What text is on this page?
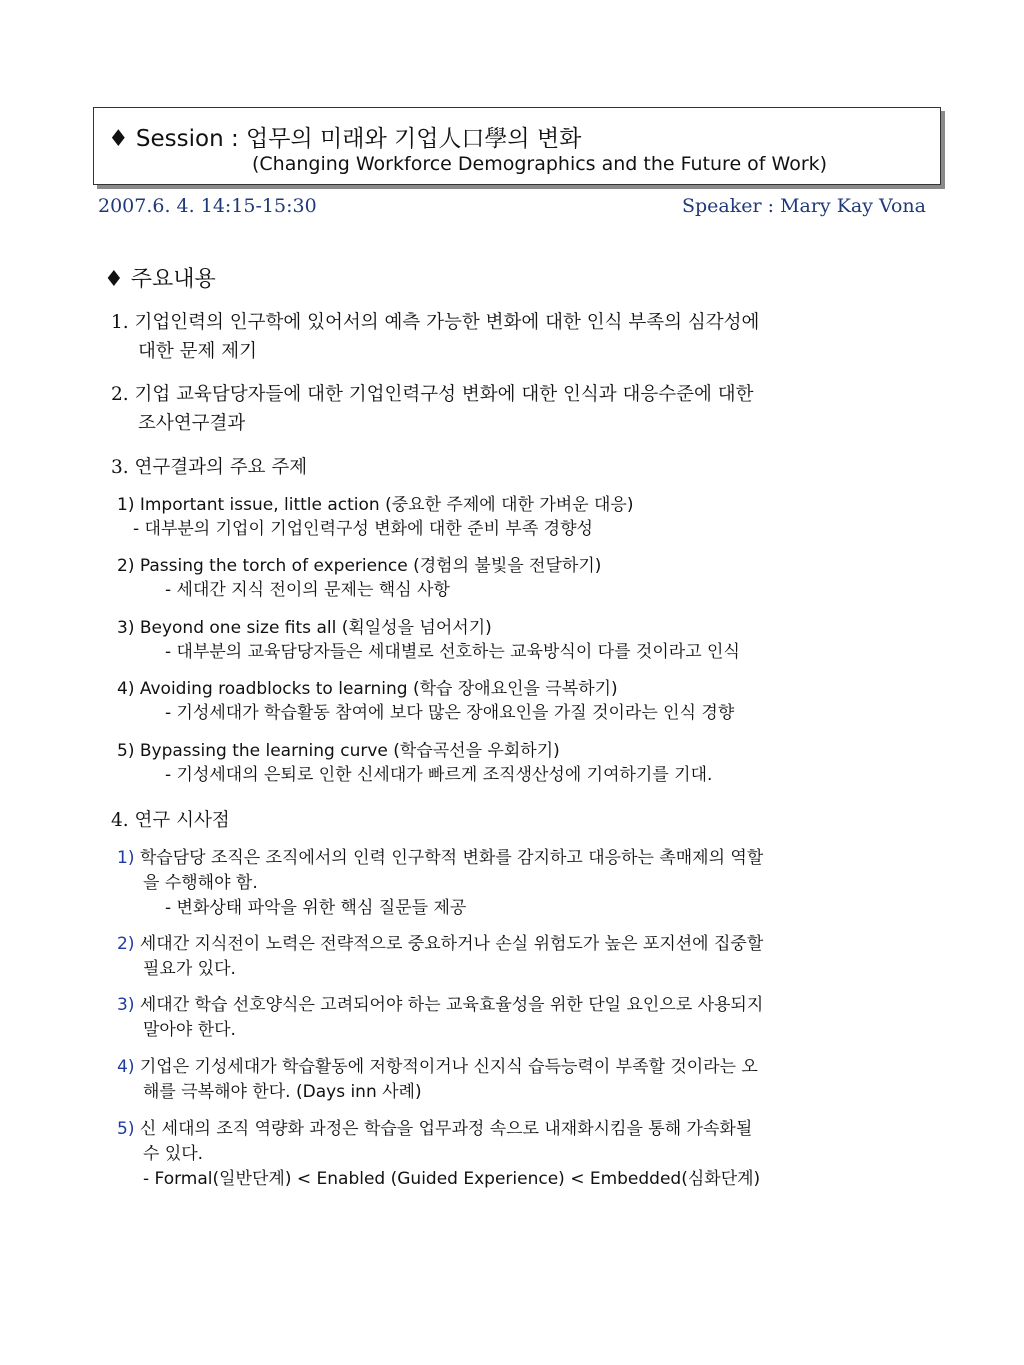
♦ Session : 업무의 미래와 기업人口學의 변화
(Changing Workforce Demographics and the Future of Work)
2007.6. 4. 14:15-15:30	Speaker : Mary Kay Vona
♦ 주요내용
1. 기업인력의 인구학에 있어서의 예측 가능한 변화에 대한 인식 부족의 심각성에
대한 문제 제기
2. 기업 교육담당자들에 대한 기업인력구성 변화에 대한 인식과 대응수준에 대한
조사연구결과
3. 연구결과의 주요 주제
1) Important issue, little action (중요한 주제에 대한 가벼운 대응)
- 대부분의 기업이 기업인력구성 변화에 대한 준비 부족 경향성
2) Passing the torch of experience (경험의 불빛을 전달하기)
- 세대간 지식 전이의 문제는 핵심 사항
3) Beyond one size fits all (획일성을 넘어서기)
- 대부분의 교육담당자들은 세대별로 선호하는 교육방식이 다를 것이라고 인식
4) Avoiding roadblocks to learning (학습 장애요인을 극복하기)
- 기성세대가 학습활동 참여에 보다 많은 장애요인을 가질 것이라는 인식 경향
5) Bypassing the learning curve (학습곡선을 우회하기)
- 기성세대의 은퇴로 인한 신세대가 빠르게 조직생산성에 기여하기를 기대.
4. 연구 시사점
1) 학습담당 조직은 조직에서의 인력 인구학적 변화를 감지하고 대응하는 촉매제의 역할
을 수행해야 함.
- 변화상태 파악을 위한 핵심 질문들 제공
2) 세대간 지식전이 노력은 전략적으로 중요하거나 손실 위험도가 높은 포지션에 집중할
필요가 있다.
3) 세대간 학습 선호양식은 고려되어야 하는 교육효율성을 위한 단일 요인으로 사용되지
말아야 한다.
4) 기업은 기성세대가 학습활동에 저항적이거나 신지식 습득능력이 부족할 것이라는 오
해를 극복해야 한다. (Days inn 사례)
5) 신 세대의 조직 역량화 과정은 학습을 업무과정 속으로 내재화시킴을 통해 가속화될
수 있다.
- Formal(일반단계) < Enabled (Guided Experience) < Embedded(심화단계)
